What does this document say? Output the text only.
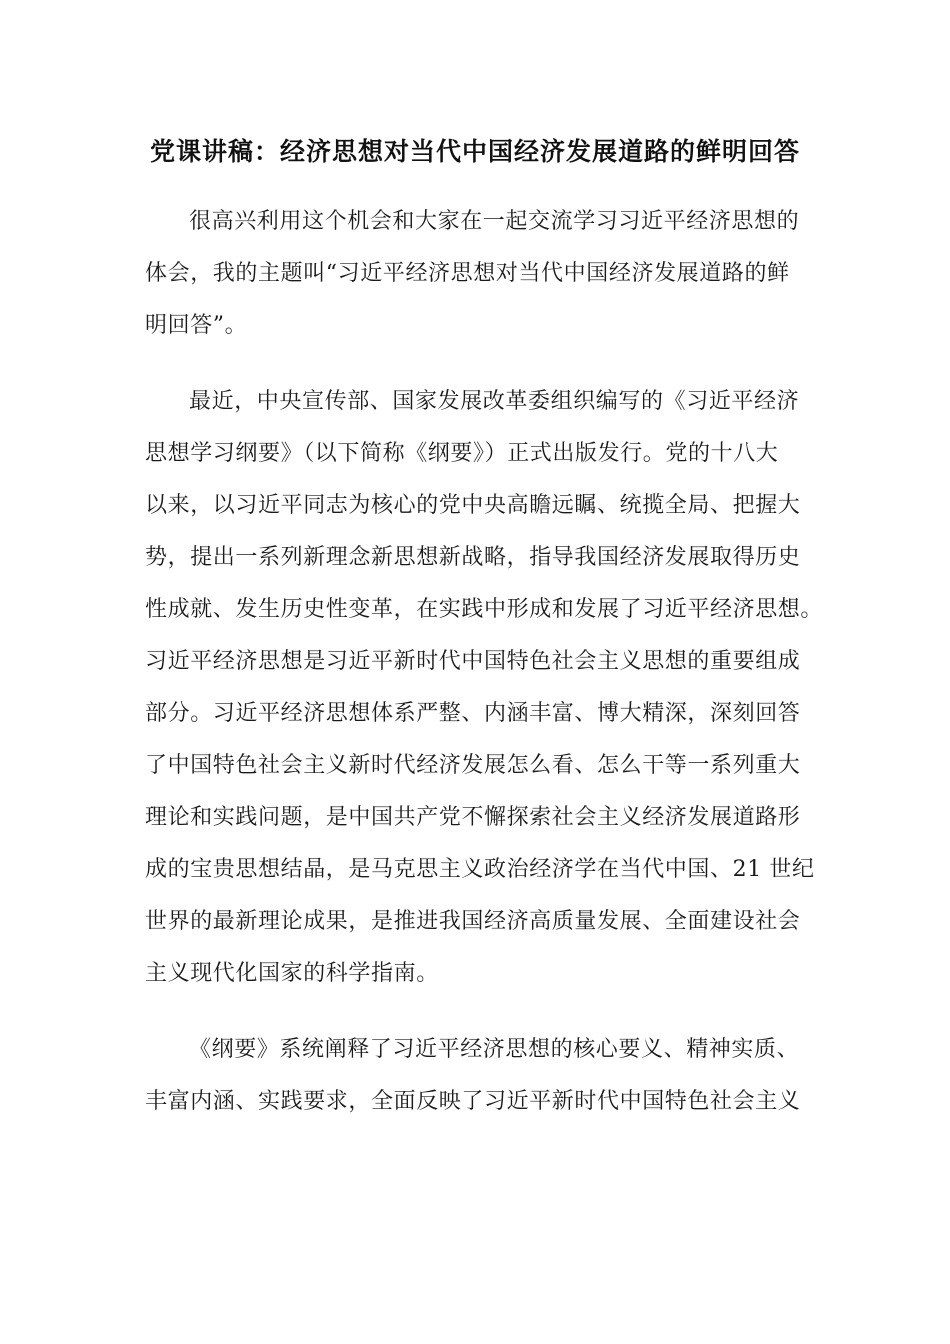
党课讲稿：经济思想对当代中国经济发展道路的鲜明回答
很高兴利用这个机会和大家在一起交流学习习近平经济思想的
体会，我的主题叫“习近平经济思想对当代中国经济发展道路的鲜
明回答”。
最近，中央宣传部、国家发展改革委组织编写的《习近平经济
思想学习纲要》（以下简称《纲要》）正式出版发行。党的十八大
以来，以习近平同志为核心的党中央高瞻远瞩、统揽全局、把握大
势，提出一系列新理念新思想新战略，指导我国经济发展取得历史
性成就、发生历史性变革，在实践中形成和发展了习近平经济思想。
习近平经济思想是习近平新时代中国特色社会主义思想的重要组成
部分。习近平经济思想体系严整、内涵丰富、博大精深，深刻回答
了中国特色社会主义新时代经济发展怎么看、怎么干等一系列重大
理论和实践问题，是中国共产党不懈探索社会主义经济发展道路形
成的宝贵思想结晶，是马克思主义政治经济学在当代中国、21 世纪
世界的最新理论成果，是推进我国经济高质量发展、全面建设社会
主义现代化国家的科学指南。
《纲要》系统阐释了习近平经济思想的核心要义、精神实质、
丰富内涵、实践要求，全面反映了习近平新时代中国特色社会主义
